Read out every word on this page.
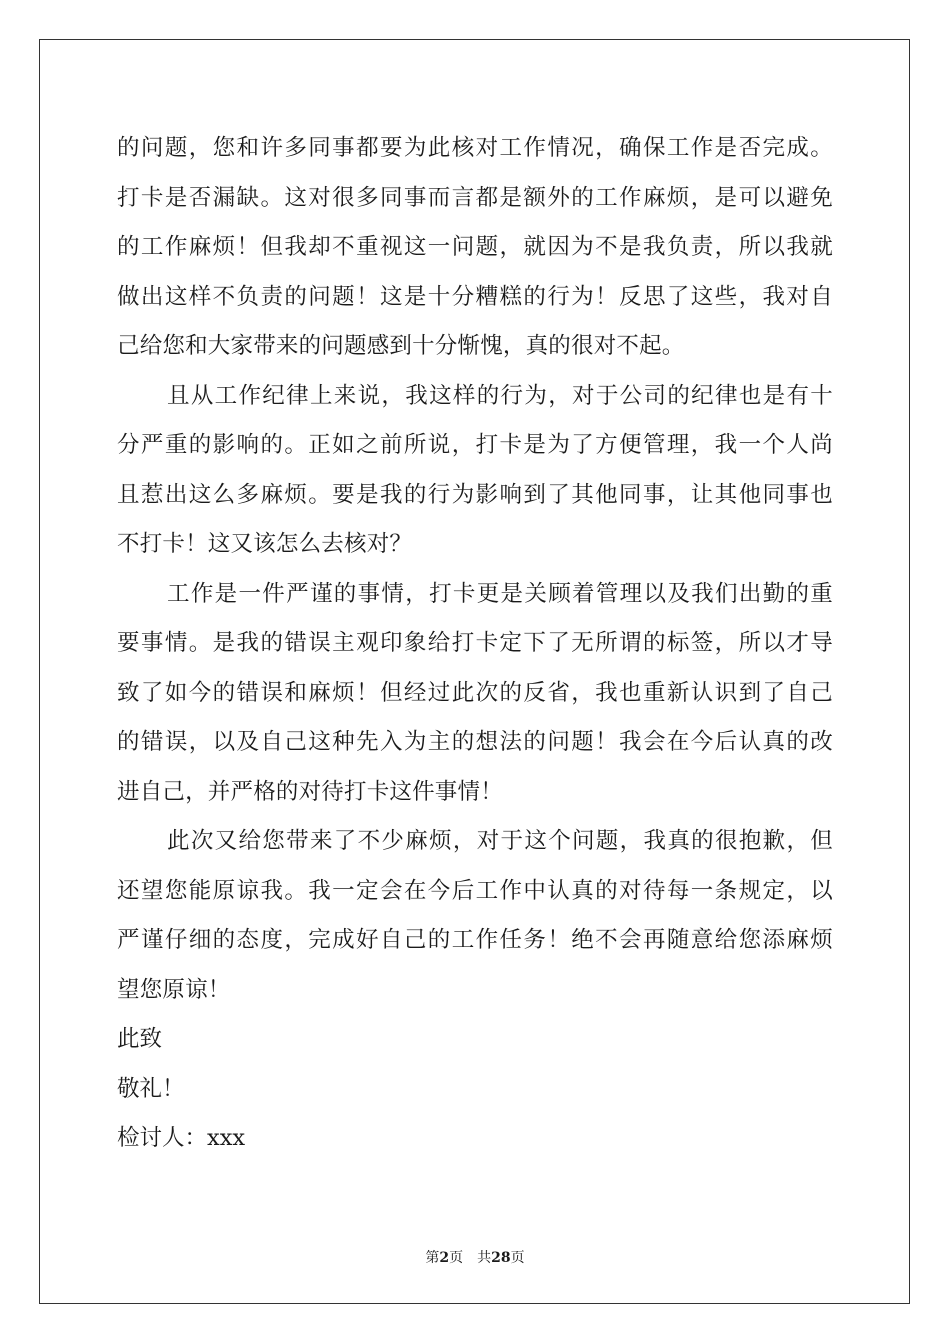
的问题，您和许多同事都要为此核对工作情况，确保工作是否完成。
打卡是否漏缺。这对很多同事而言都是额外的工作麻烦，是可以避免
的工作麻烦！但我却不重视这一问题，就因为不是我负责，所以我就
做出这样不负责的问题！这是十分糟糕的行为！反思了这些，我对自
己给您和大家带来的问题感到十分惭愧，真的很对不起。
且从工作纪律上来说，我这样的行为，对于公司的纪律也是有十
分严重的影响的。正如之前所说，打卡是为了方便管理，我一个人尚
且惹出这么多麻烦。要是我的行为影响到了其他同事，让其他同事也
不打卡！这又该怎么去核对？
工作是一件严谨的事情，打卡更是关顾着管理以及我们出勤的重
要事情。是我的错误主观印象给打卡定下了无所谓的标签，所以才导
致了如今的错误和麻烦！但经过此次的反省，我也重新认识到了自己
的错误，以及自己这种先入为主的想法的问题！我会在今后认真的改
进自己，并严格的对待打卡这件事情！
此次又给您带来了不少麻烦，对于这个问题，我真的很抱歉，但
还望您能原谅我。我一定会在今后工作中认真的对待每一条规定，以
严谨仔细的态度，完成好自己的工作任务！绝不会再随意给您添麻烦
望您原谅！
此致
敬礼！
检讨人：xxx
第2页 共28页
